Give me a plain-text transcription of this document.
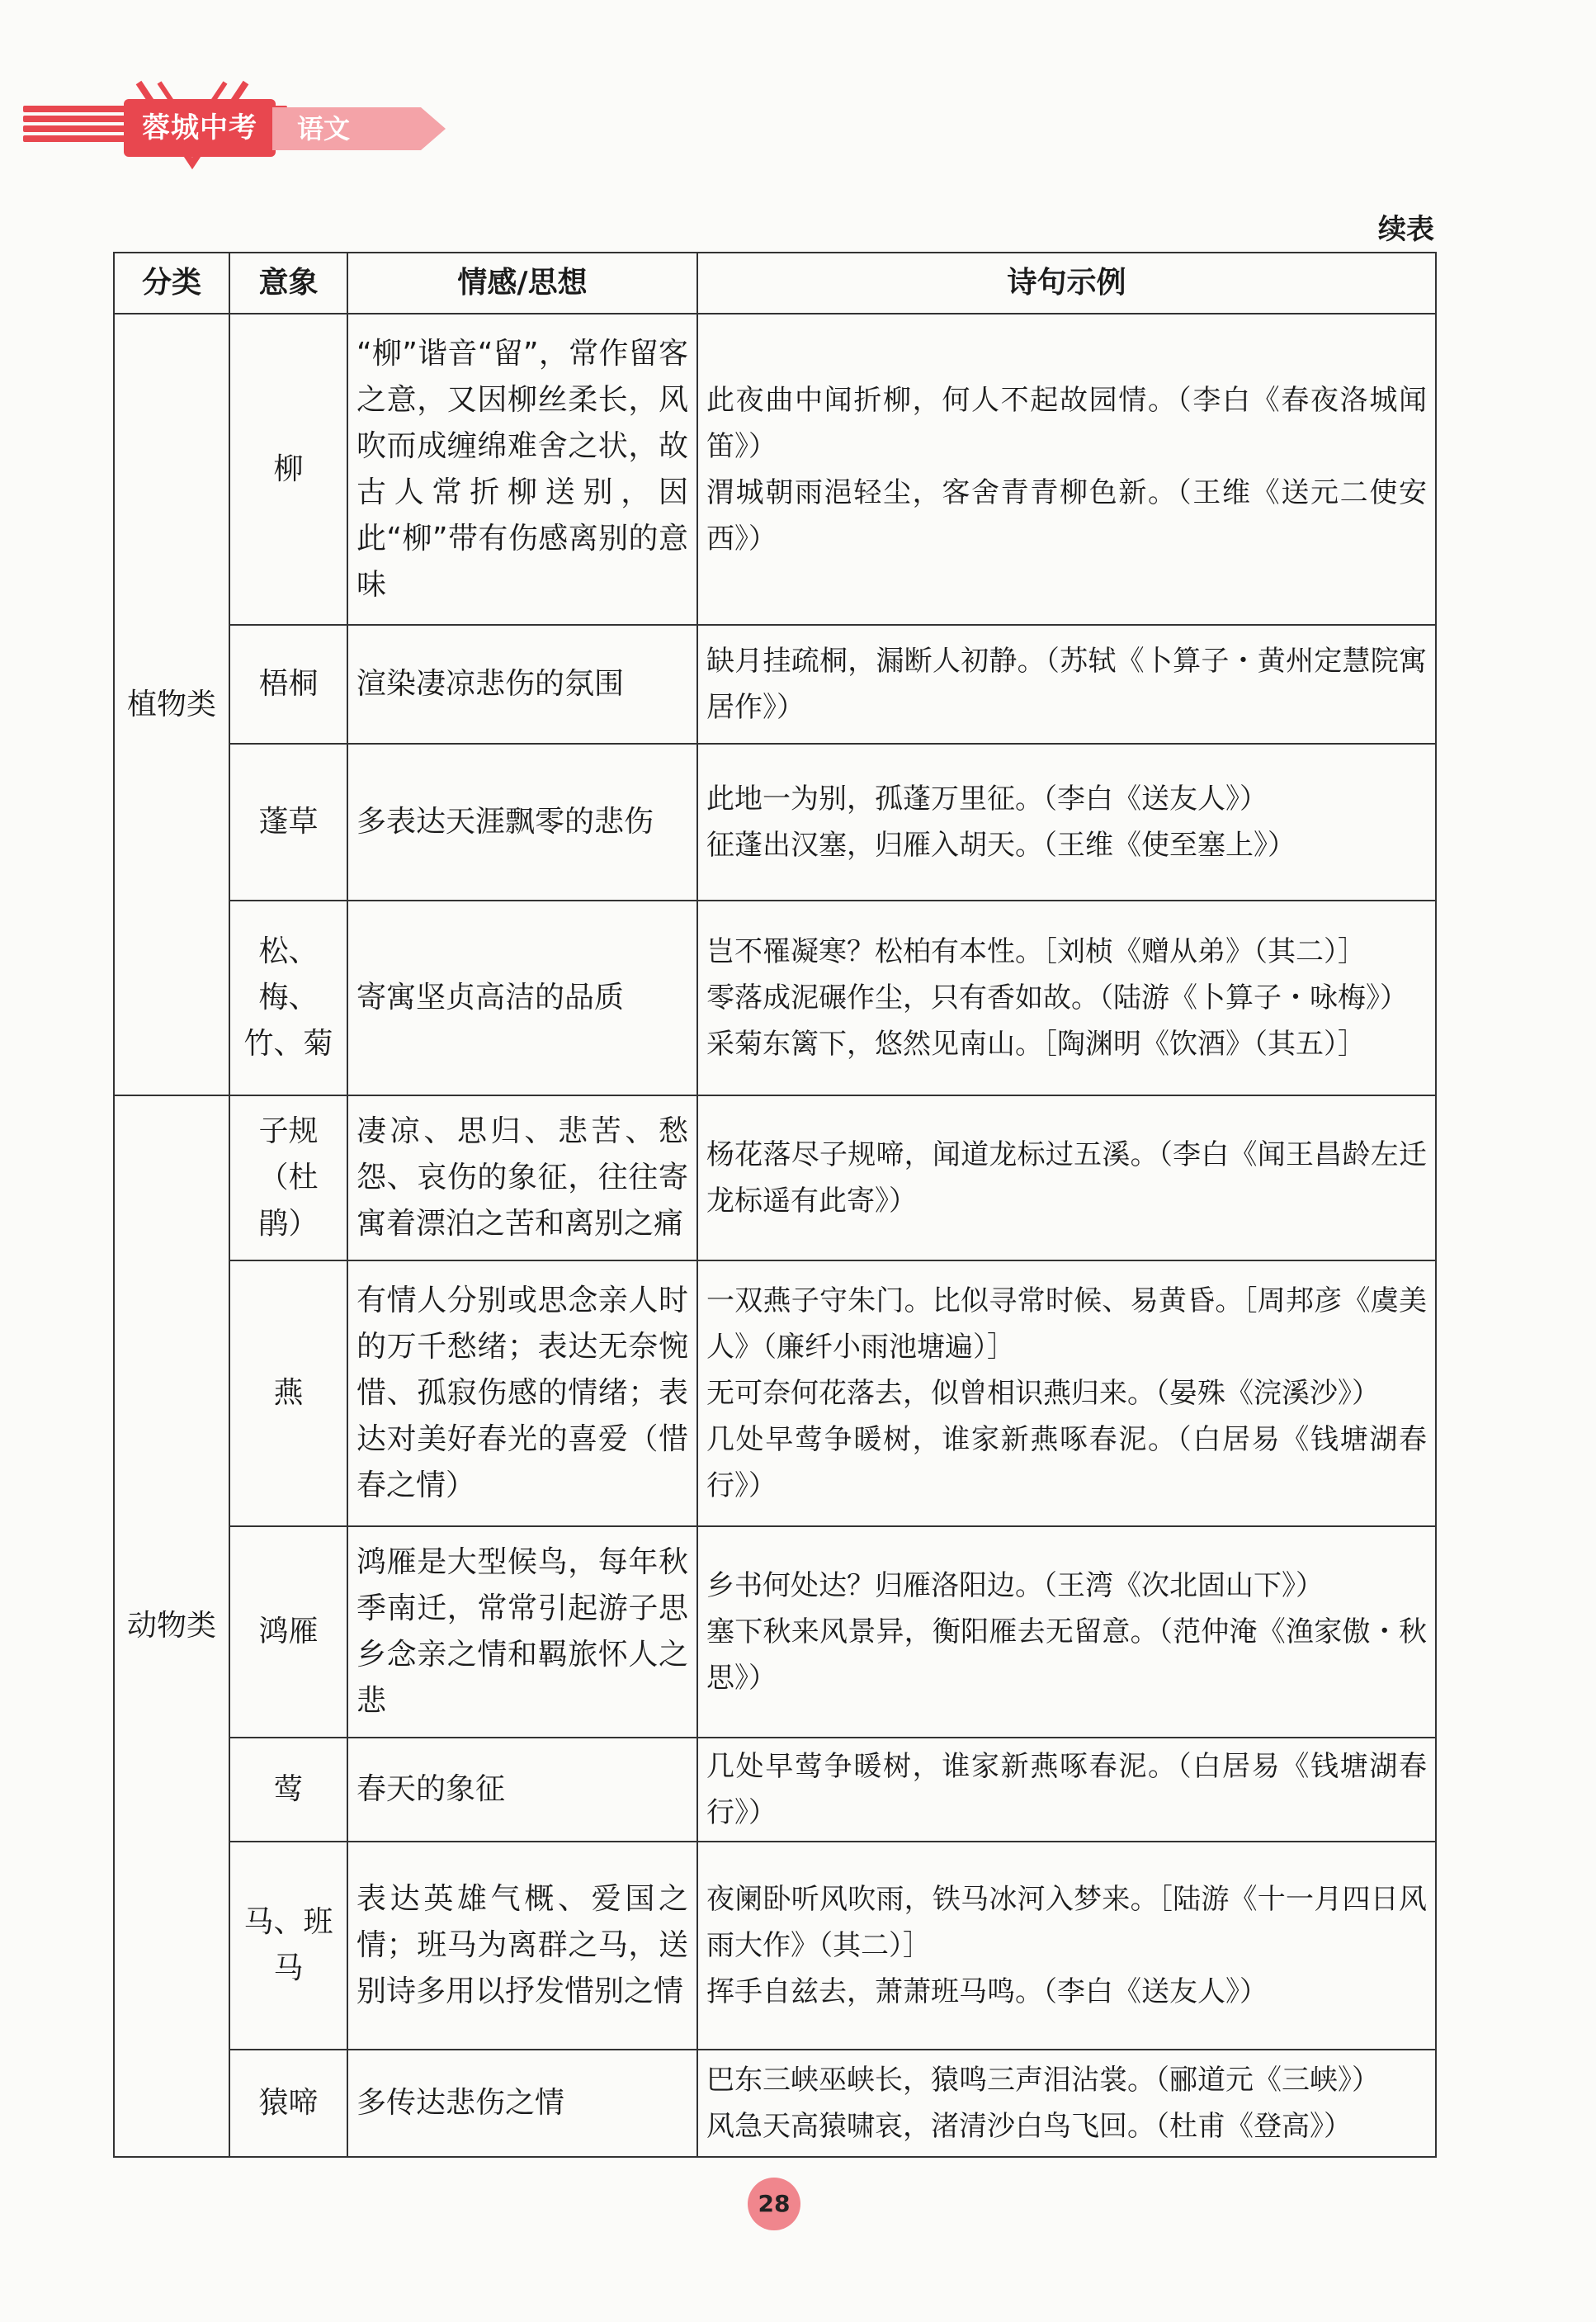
蓉城中考	语文
续表
分类	意象	情感/思想	诗句示例
植物类	柳	“柳”谐音“留”，常作留客之意，又因柳丝柔长，风吹而成缠绵难舍之状，故古人常折柳送别，因此“柳”带有伤感离别的意味	此夜曲中闻折柳，何人不起故园情。（李白《春夜洛城闻笛》）
渭城朝雨浥轻尘，客舍青青柳色新。（王维《送元二使安西》）

	梧桐	渲染凄凉悲伤的氛围	缺月挂疏桐，漏断人初静。（苏轼《卜算子・黄州定慧院寓居作》）

	蓬草	多表达天涯飘零的悲伤	此地一为别，孤蓬万里征。（李白《送友人》）
征蓬出汉塞，归雁入胡天。（王维《使至塞上》）

	松、梅、竹、菊	寄寓坚贞高洁的品质	岂不罹凝寒？松柏有本性。［刘桢《赠从弟》（其二）］
零落成泥碾作尘，只有香如故。（陆游《卜算子・咏梅》）
采菊东篱下，悠然见南山。［陶渊明《饮酒》（其五）］

动物类	子规（杜鹃）	凄凉、思归、悲苦、愁怨、哀伤的象征，往往寄寓着漂泊之苦和离别之痛	杨花落尽子规啼，闻道龙标过五溪。（李白《闻王昌龄左迁龙标遥有此寄》）

	燕	有情人分别或思念亲人时的万千愁绪；表达无奈惋惜、孤寂伤感的情绪；表达对美好春光的喜爱（惜春之情）	一双燕子守朱门。比似寻常时候、易黄昏。［周邦彦《虞美人》（廉纤小雨池塘遍）］
无可奈何花落去，似曾相识燕归来。（晏殊《浣溪沙》）
几处早莺争暖树，谁家新燕啄春泥。（白居易《钱塘湖春行》）

	鸿雁	鸿雁是大型候鸟，每年秋季南迁，常常引起游子思乡念亲之情和羁旅怀人之悲	乡书何处达？归雁洛阳边。（王湾《次北固山下》）
塞下秋来风景异，衡阳雁去无留意。（范仲淹《渔家傲・秋思》）

	莺	春天的象征	几处早莺争暖树，谁家新燕啄春泥。（白居易《钱塘湖春行》）

	马、班马	表达英雄气概、爱国之情；班马为离群之马，送别诗多用以抒发惜别之情	夜阑卧听风吹雨，铁马冰河入梦来。［陆游《十一月四日风雨大作》（其二）］
挥手自兹去，萧萧班马鸣。（李白《送友人》）

	猿啼	多传达悲伤之情	巴东三峡巫峡长，猿鸣三声泪沾裳。（郦道元《三峡》）
风急天高猿啸哀，渚清沙白鸟飞回。（杜甫《登高》）
28
